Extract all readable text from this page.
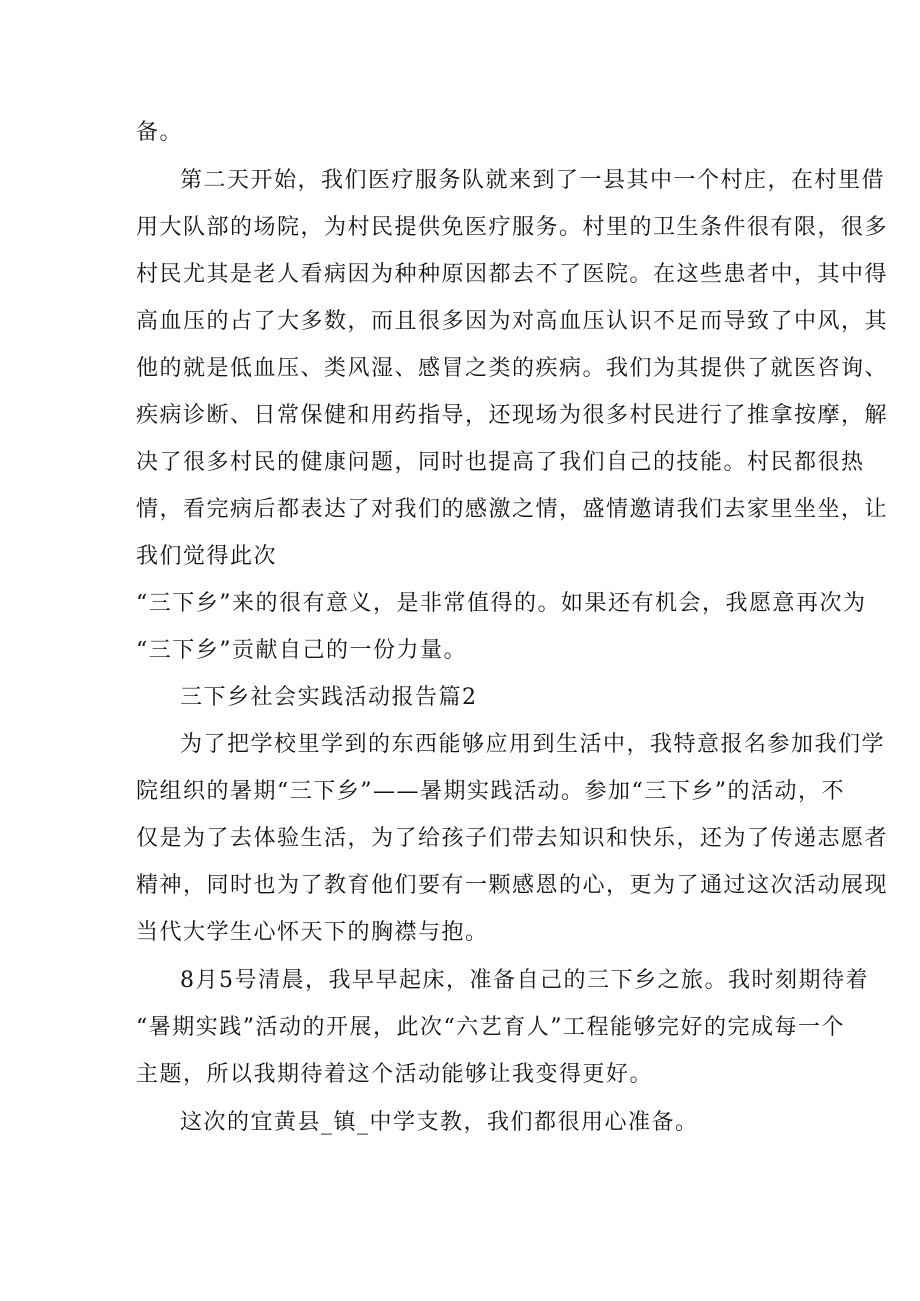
备。
第二天开始，我们医疗服务队就来到了一县其中一个村庄，在村里借
用大队部的场院，为村民提供免医疗服务。村里的卫生条件很有限，很多
村民尤其是老人看病因为种种原因都去不了医院。在这些患者中，其中得
高血压的占了大多数，而且很多因为对高血压认识不足而导致了中风，其
他的就是低血压、类风湿、感冒之类的疾病。我们为其提供了就医咨询、
疾病诊断、日常保健和用药指导，还现场为很多村民进行了推拿按摩，解
决了很多村民的健康问题，同时也提高了我们自己的技能。村民都很热
情，看完病后都表达了对我们的感激之情，盛情邀请我们去家里坐坐，让
我们觉得此次
“三下乡”来的很有意义，是非常值得的。如果还有机会，我愿意再次为
“三下乡”贡献自己的一份力量。
三下乡社会实践活动报告篇2
为了把学校里学到的东西能够应用到生活中，我特意报名参加我们学
院组织的暑期“三下乡”——暑期实践活动。参加“三下乡”的活动，不
仅是为了去体验生活，为了给孩子们带去知识和快乐，还为了传递志愿者
精神，同时也为了教育他们要有一颗感恩的心，更为了通过这次活动展现
当代大学生心怀天下的胸襟与抱。
8月5号清晨，我早早起床，准备自己的三下乡之旅。我时刻期待着
“暑期实践”活动的开展，此次“六艺育人”工程能够完好的完成每一个
主题，所以我期待着这个活动能够让我变得更好。
这次的宜黄县_镇_中学支教，我们都很用心准备。
